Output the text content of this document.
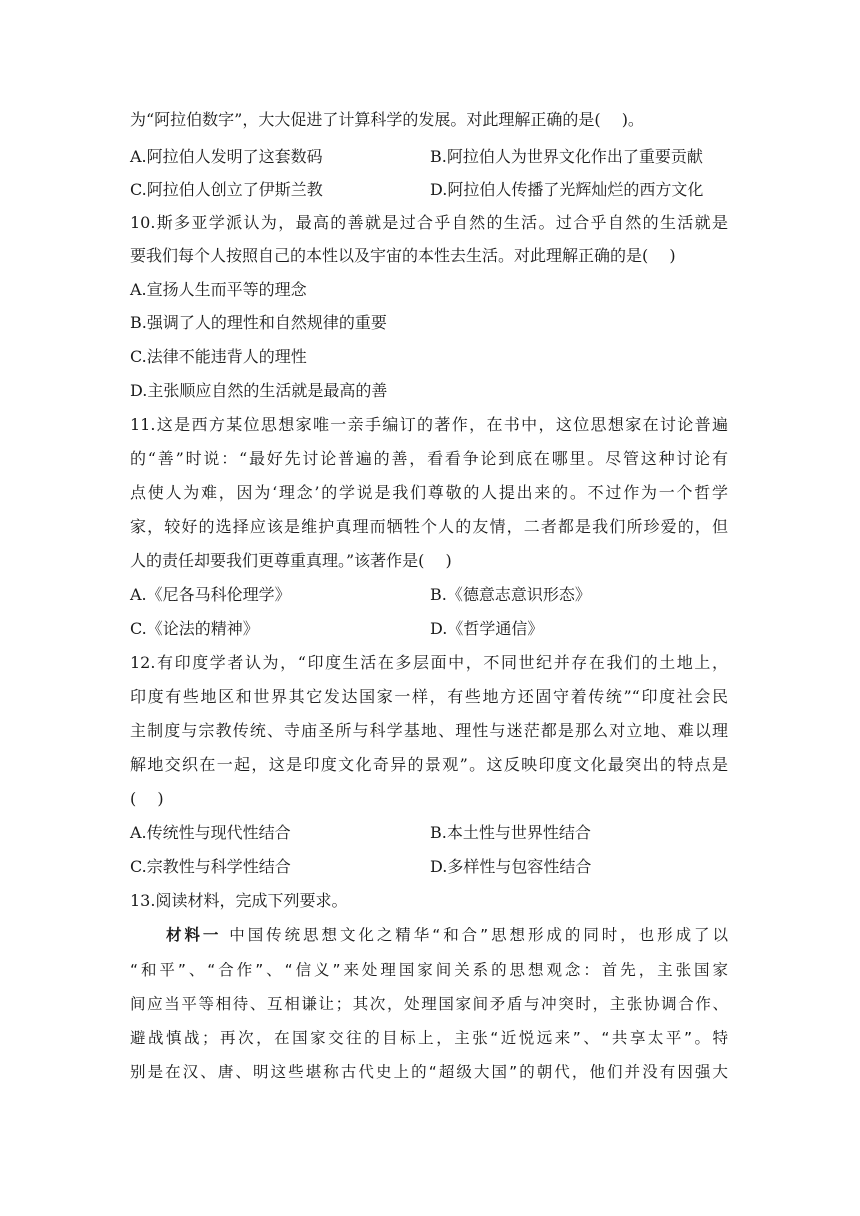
为“阿拉伯数字”，大大促进了计算科学的发展。对此理解正确的是(　 )。
A.阿拉伯人发明了这套数码	B.阿拉伯人为世界文化作出了重要贡献
C.阿拉伯人创立了伊斯兰教	D.阿拉伯人传播了光辉灿烂的西方文化
10.斯多亚学派认为，最高的善就是过合乎自然的生活。过合乎自然的生活就是
要我们每个人按照自己的本性以及宇宙的本性去生活。对此理解正确的是(　 )
A.宣扬人生而平等的理念
B.强调了人的理性和自然规律的重要
C.法律不能违背人的理性
D.主张顺应自然的生活就是最高的善
11.这是西方某位思想家唯一亲手编订的著作，在书中，这位思想家在讨论普遍
的“善”时说：“最好先讨论普遍的善，看看争论到底在哪里。尽管这种讨论有
点使人为难，因为‘理念’的学说是我们尊敬的人提出来的。不过作为一个哲学
家，较好的选择应该是维护真理而牺牲个人的友情，二者都是我们所珍爱的，但
人的责任却要我们更尊重真理。”该著作是(　 )
A.《尼各马科伦理学》	B.《德意志意识形态》
C.《论法的精神》	D.《哲学通信》
12.有印度学者认为，“印度生活在多层面中，不同世纪并存在我们的土地上，
印度有些地区和世界其它发达国家一样，有些地方还固守着传统”“印度社会民
主制度与宗教传统、寺庙圣所与科学基地、理性与迷茫都是那么对立地、难以理
解地交织在一起，这是印度文化奇异的景观”。这反映印度文化最突出的特点是
(　 )
A.传统性与现代性结合	B.本土性与世界性结合
C.宗教性与科学性结合	D.多样性与包容性结合
13.阅读材料，完成下列要求。
材料一 中国传统思想文化之精华“和合”思想形成的同时，也形成了以
“和平”、“合作”、“信义”来处理国家间关系的思想观念：首先，主张国家
间应当平等相待、互相谦让；其次，处理国家间矛盾与冲突时，主张协调合作、
避战慎战；再次，在国家交往的目标上，主张“近悦远来”、“共享太平”。特
别是在汉、唐、明这些堪称古代史上的“超级大国”的朝代，他们并没有因强大
